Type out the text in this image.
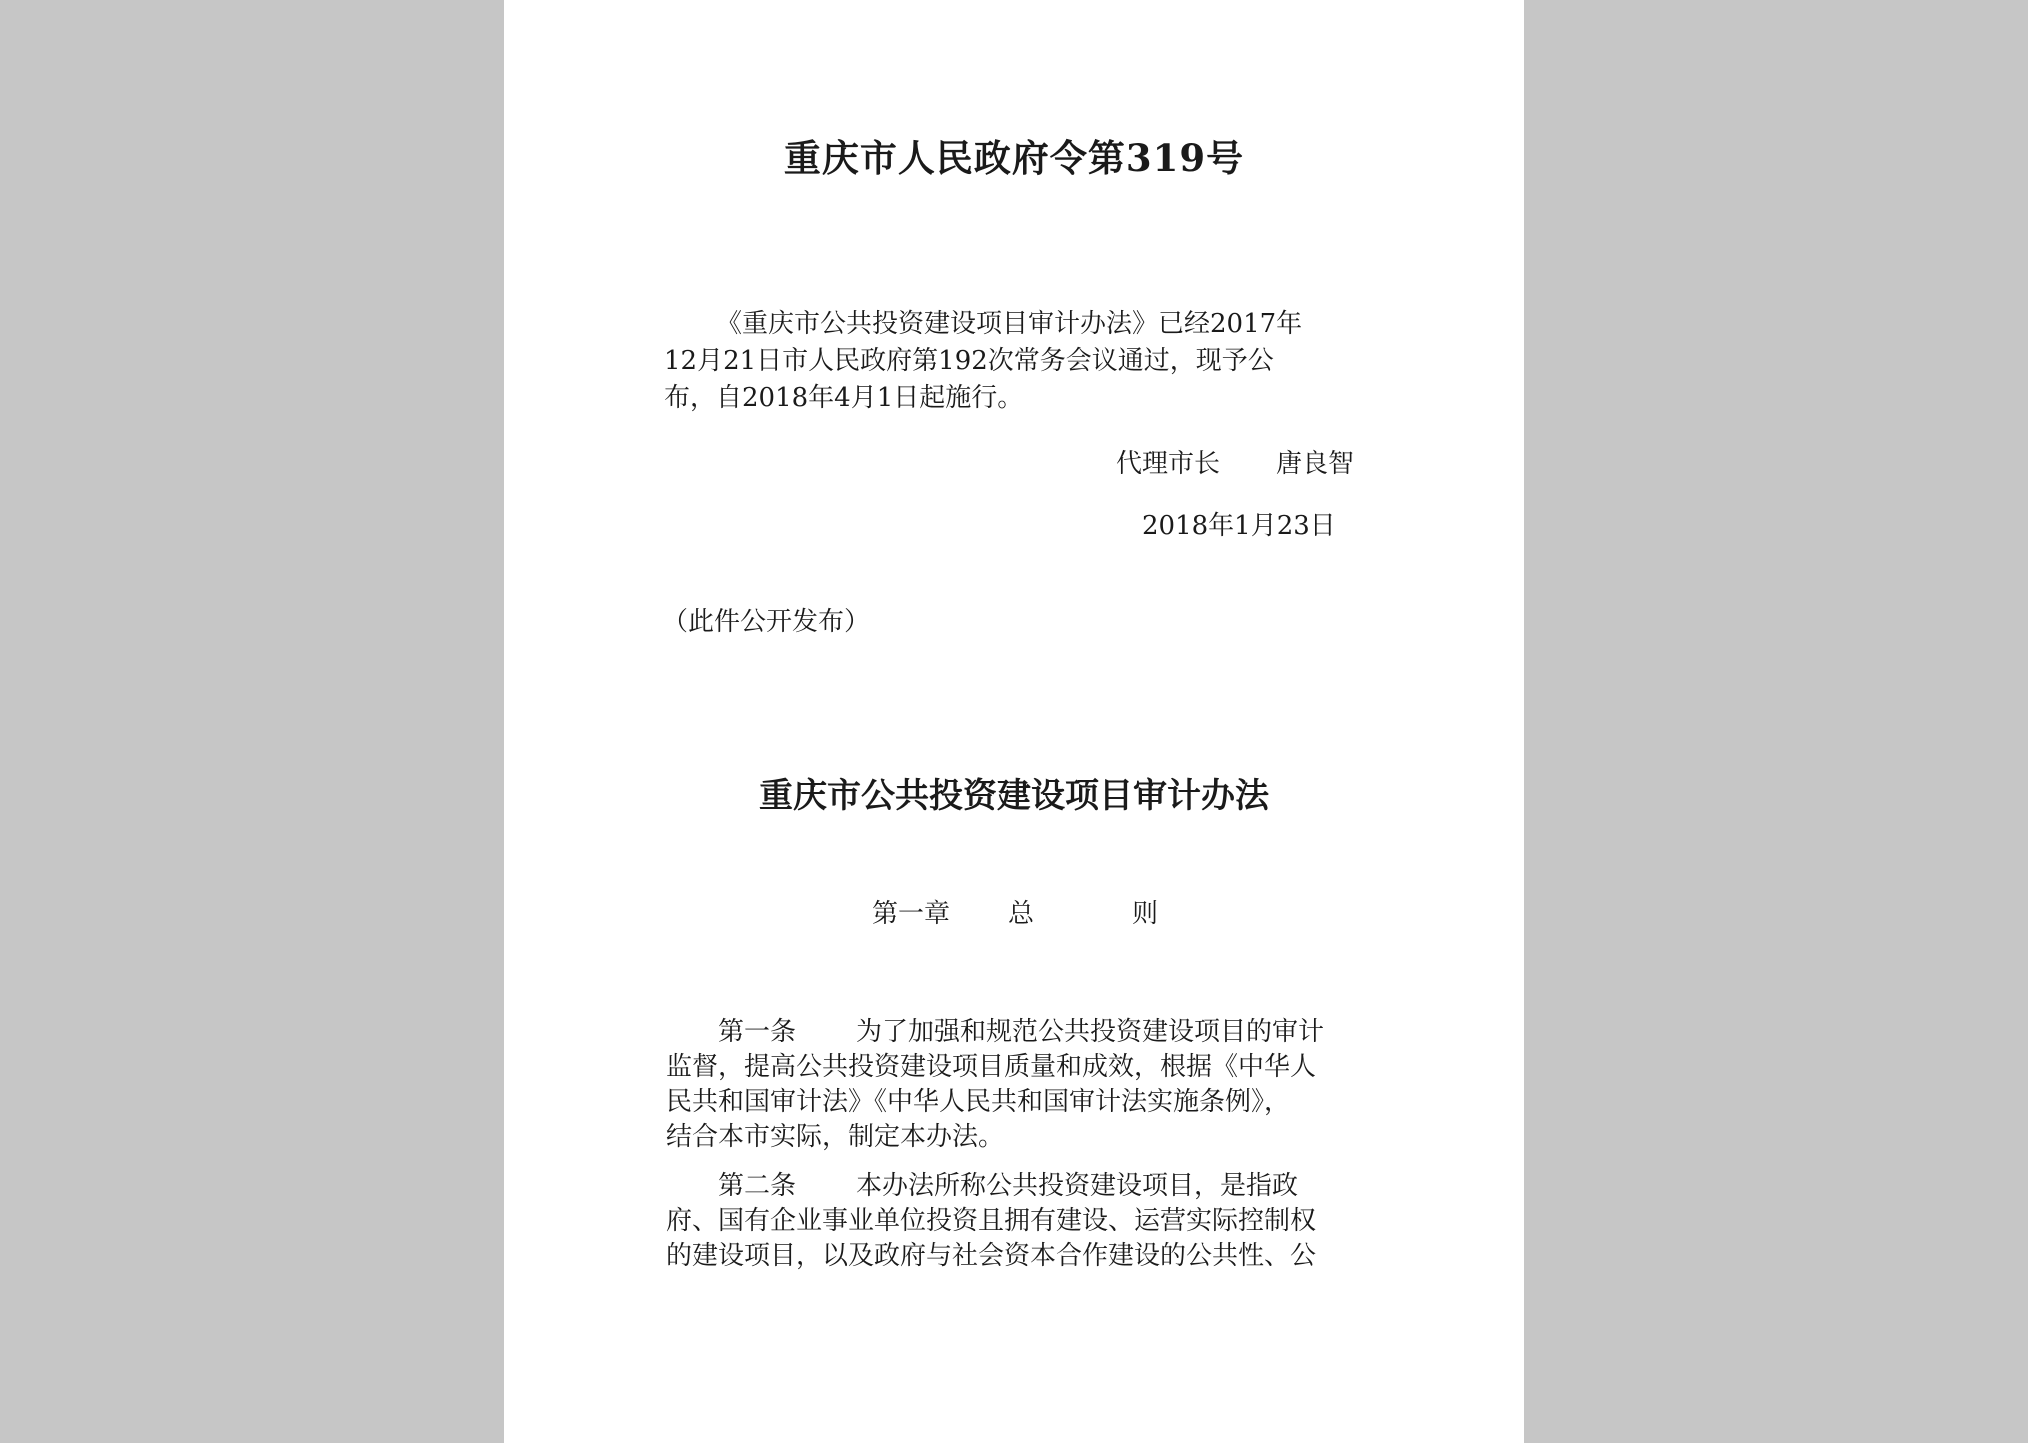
重庆市人民政府令第319号

《重庆市公共投资建设项目审计办法》已经2017年

12月21日市人民政府第192次常务会议通过，现予公

布，自2018年4月1日起施行。

代理市长 唐良智
2018年1月23日
（此件公开发布）
重庆市公共投资建设项目审计办法
第一章 总	则

第一条 为了加强和规范公共投资建设项目的审计

监督，提高公共投资建设项目质量和成效，根据《中华人

民共和国审计法》《中华人民共和国审计法实施条例》，

结合本市实际，制定本办法。

第二条 本办法所称公共投资建设项目，是指政

府、国有企业事业单位投资且拥有建设、运营实际控制权

的建设项目，以及政府与社会资本合作建设的公共性、公
